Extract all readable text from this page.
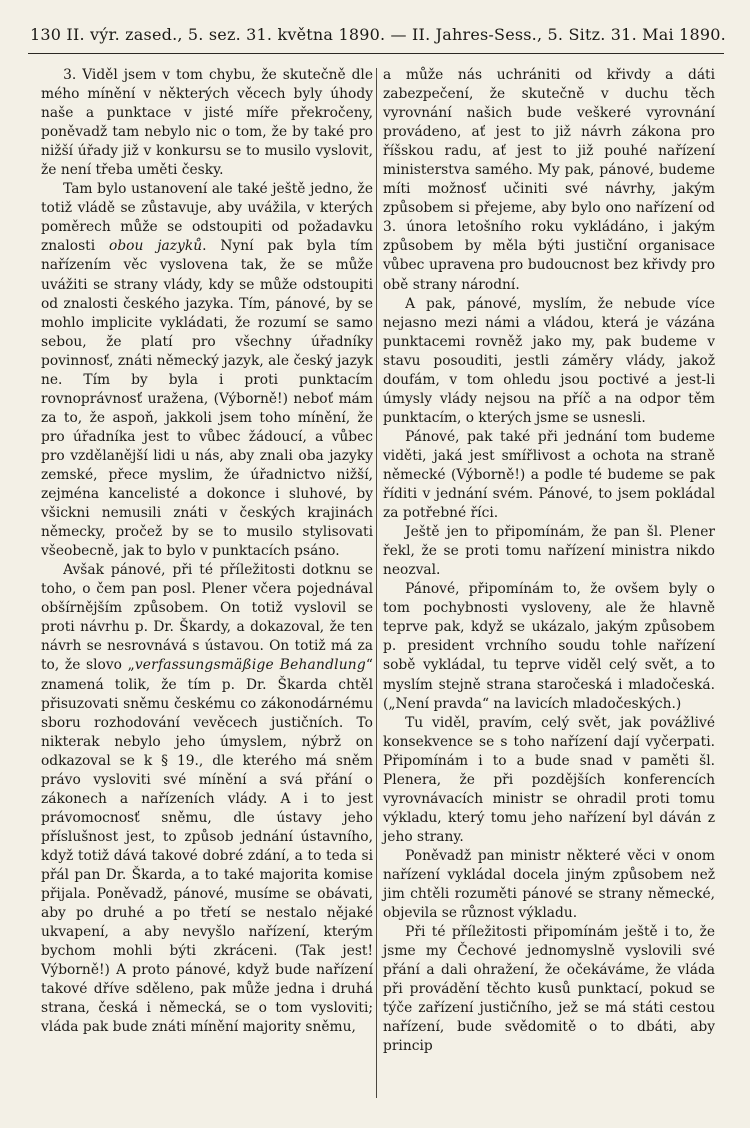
130 II. výr. zased., 5. sez. 31. května 1890. — II. Jahres-Sess., 5. Sitz. 31. Mai 1890.

3. Viděl jsem v tom chybu, že skutečně dle mého mínění v některých věcech byly úhody naše a punktace v jisté míře překročeny, poněvadž tam nebylo nic o tom, že by také pro nižší úřady již v konkursu se to musilo vyslovit, že není třeba uměti česky.

Tam bylo ustanovení ale také ještě jedno, že totiž vládě se zůstavuje, aby uvážila, v kterých poměrech může se odstoupiti od požadavku znalosti obou jazyků. Nyní pak byla tím nařízením věc vyslovena tak, že se může uvážiti se strany vlády, kdy se může odstoupiti od znalosti českého jazyka. Tím, pánové, by se mohlo implicite vykládati, že rozumí se samo sebou, že platí pro všechny úřadníky povinnosť, znáti německý jazyk, ale český jazyk ne. Tím by byla i proti punktacím rovnoprávnosť uražena, (Výborně!) neboť mám za to, že aspoň, jakkoli jsem toho mínění, že pro úřadníka jest to vůbec žádoucí, a vůbec pro vzdělanější lidi u nás, aby znali oba jazyky zemské, přece myslim, že úřadnictvo nižší, zejména kancelisté a dokonce i sluhové, by všickni nemusili znáti v českých krajinách německy, pročež by se to musilo stylisovati všeobecně, jak to bylo v punktacích psáno.

Avšak pánové, při té příležitosti dotknu se toho, o čem pan posl. Plener včera pojednával obšírnějším způsobem. On totiž vyslovil se proti návrhu p. Dr. Škardy, a dokazoval, že ten návrh se nesrovnává s ústavou. On totiž má za to, že slovo „verfassungsmäßige Behandlung“ znamená tolik, že tím p. Dr. Škarda chtěl přisuzovati sněmu českému co zákonodárnému sboru rozhodování vevěcech justičních. To nikterak nebylo jeho úmyslem, nýbrž on odkazoval se k § 19., dle kterého má sněm právo vysloviti své mínění a svá přání o zákonech a nařízeních vlády. A i to jest právomocnosť sněmu, dle ústavy jeho příslušnost jest, to způsob jednání ústavního, když totiž dává takové dobré zdání, a to teda si přál pan Dr. Škarda, a to také majorita komise přijala. Poněvadž, pánové, musíme se obávati, aby po druhé a po třetí se nestalo nějaké ukvapení, a aby nevyšlo nařízení, kterým bychom mohli býti zkráceni. (Tak jest! Výborně!) A proto pánové, když bude nařízení takové dříve sděleno, pak může jedna i druhá strana, česká i německá, se o tom vysloviti; vláda pak bude znáti mínění majority sněmu,

a může nás uchrániti od křivdy a dáti zabezpečení, že skutečně v duchu těch vyrovnání našich bude veškeré vyrovnání provádeno, ať jest to již návrh zákona pro říšskou radu, ať jest to již pouhé nařízení ministerstva samého. My pak, pánové, budeme míti možnosť učiniti své návrhy, jakým způsobem si přejeme, aby bylo ono nařízení od 3. února letošního roku vykládáno, i jakým způsobem by měla býti justiční organisace vůbec upravena pro budoucnost bez křivdy pro obě strany národní.

A pak, pánové, myslím, že nebude více nejasno mezi námi a vládou, která je vázána punktacemi rovněž jako my, pak budeme v stavu posouditi, jestli záměry vlády, jakož doufám, v tom ohledu jsou poctivé a jest-li úmysly vlády nejsou na příč a na odpor těm punktacím, o kterých jsme se usnesli.

Pánové, pak také při jednání tom budeme viděti, jaká jest smířlivost a ochota na straně německé (Výborně!) a podle té budeme se pak říditi v jednání svém. Pánové, to jsem pokládal za potřebné říci.

Ještě jen to připomínám, že pan šl. Plener řekl, že se proti tomu nařízení ministra nikdo neozval.

Pánové, připomínám to, že ovšem byly o tom pochybnosti vysloveny, ale že hlavně teprve pak, když se ukázalo, jakým způsobem p. president vrchního soudu tohle nařízení sobě vykládal, tu teprve viděl celý svět, a to myslím stejně strana staročeská i mladočeská. („Není pravda“ na lavicích mladočeských.)

Tu viděl, pravím, celý svět, jak povážlivé konsekvence se s toho nařízení dají vyčerpati. Připomínám i to a bude snad v paměti šl. Plenera, že při pozdějších konferencích vyrovnávacích ministr se ohradil proti tomu výkladu, který tomu jeho nařízení byl dáván z jeho strany.

Poněvadž pan ministr některé věci v onom nařízení vykládal docela jiným způsobem než jim chtěli rozuměti pánové se strany německé, objevila se různost výkladu.

Při té příležitosti připomínám ještě i to, že jsme my Čechové jednomyslně vyslovili své přání a dali ohražení, že očekáváme, že vláda při provádění těchto kusů punktací, pokud se týče zařízení justičního, jež se má státi cestou nařízení, bude svědomitě o to dbáti, aby princip
